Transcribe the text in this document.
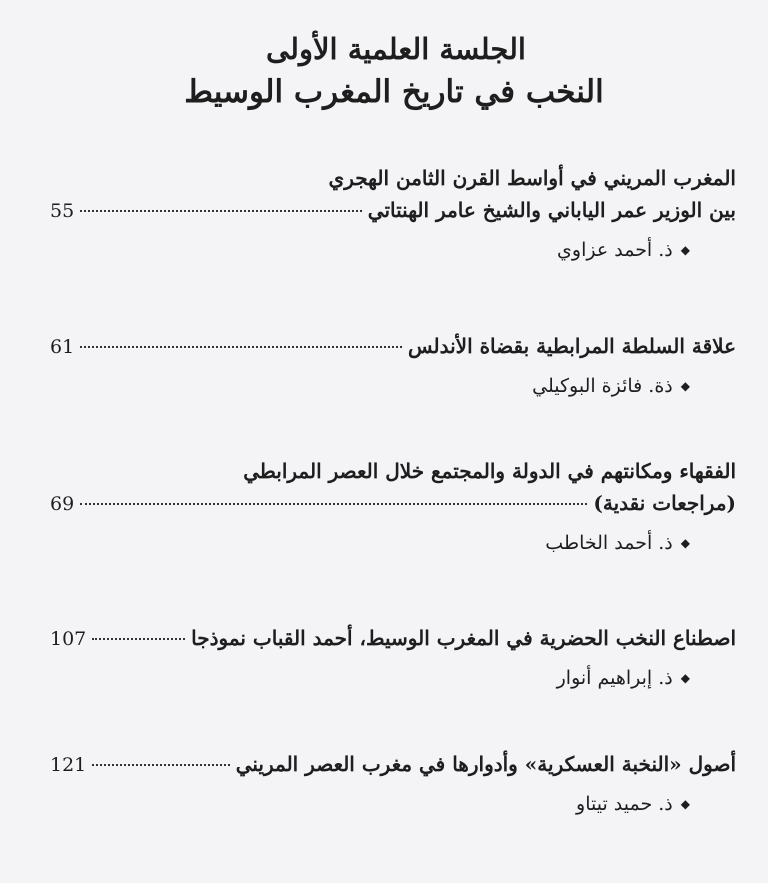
الجلسة العلمية الأولى
النخب في تاريخ المغرب الوسيط
المغرب المريني في أواسط القرن الثامن الهجري
بين الوزير عمر الياباني والشيخ عامر الهنتاتي
55
◆ذ. أحمد عزاوي
علاقة السلطة المرابطية بقضاة الأندلس
61
◆ذة. فائزة البوكيلي
الفقهاء ومكانتهم في الدولة والمجتمع خلال العصر المرابطي
(مراجعات نقدية)
69
◆ذ. أحمد الخاطب
اصطناع النخب الحضرية في المغرب الوسيط، أحمد القباب نموذجا
107
◆ذ. إبراهيم أنوار
أصول «النخبة العسكرية» وأدوارها في مغرب العصر المريني
121
◆ذ. حميد تيتاو
